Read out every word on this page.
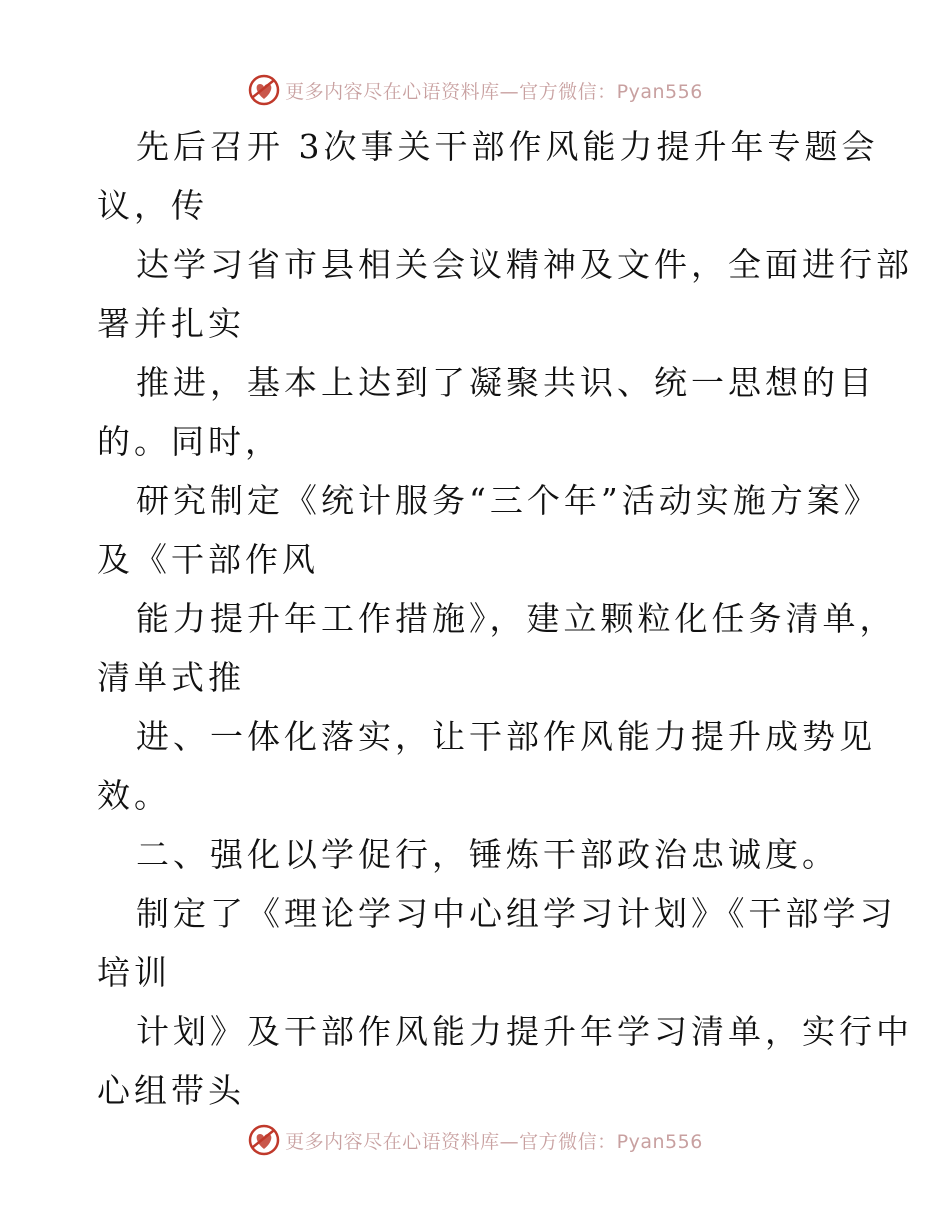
更多内容尽在心语资料库—官方微信：Pyan556
先后召开 3次事关干部作风能力提升年专题会
议，传
达学习省市县相关会议精神及文件，全面进行部
署并扎实
推进，基本上达到了凝聚共识、统一思想的目
的。同时，
研究制定《统计服务“三个年”活动实施方案》
及《干部作风
能力提升年工作措施》，建立颗粒化任务清单，
清单式推
进、一体化落实，让干部作风能力提升成势见
效。
二、强化以学促行，锤炼干部政治忠诚度。
制定了《理论学习中心组学习计划》《干部学习
培训
计划》及干部作风能力提升年学习清单，实行中
心组带头
更多内容尽在心语资料库—官方微信：Pyan556
